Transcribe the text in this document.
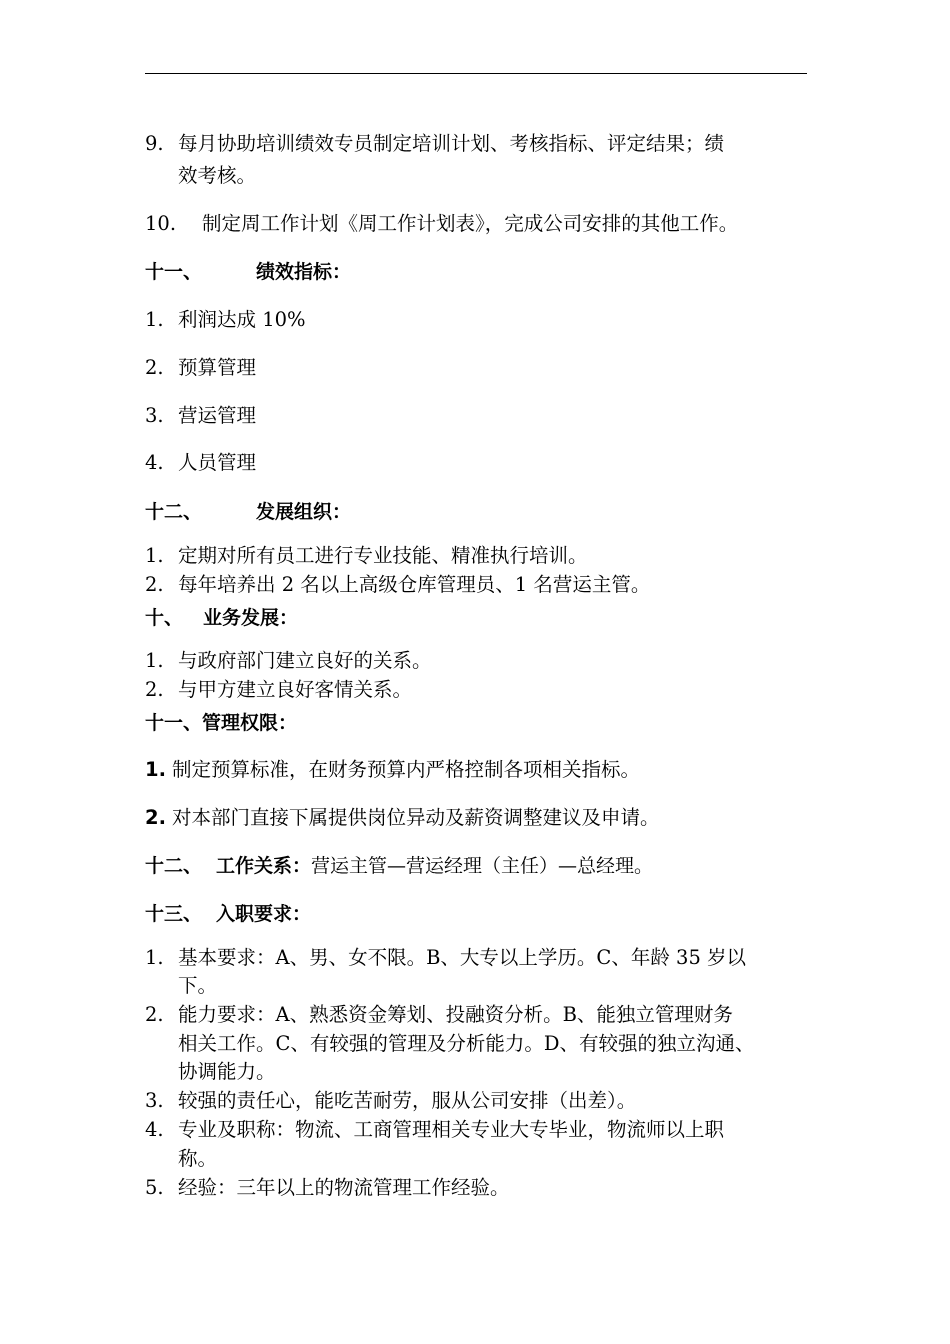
9. 每月协助培训绩效专员制定培训计划、考核指标、评定结果；绩
效考核。
10. 制定周工作计划《周工作计划表》，完成公司安排的其他工作。
十一、	绩效指标：
1. 利润达成 10%
2. 预算管理
3. 营运管理
4. 人员管理
十二、	发展组织：
1. 定期对所有员工进行专业技能、精准执行培训。
2. 每年培养出 2 名以上高级仓库管理员、1 名营运主管。
十、 业务发展：
1. 与政府部门建立良好的关系。
2. 与甲方建立良好客情关系。
十一、管理权限：
1. 制定预算标准，在财务预算内严格控制各项相关指标。
2. 对本部门直接下属提供岗位异动及薪资调整建议及申请。
十二、 工作关系：营运主管—营运经理（主任）—总经理。
十三、 入职要求：
1. 基本要求：A、男、女不限。B、大专以上学历。C、年龄 35 岁以
下。
2. 能力要求：A、熟悉资金筹划、投融资分析。B、能独立管理财务
相关工作。C、有较强的管理及分析能力。D、有较强的独立沟通、
协调能力。
3. 较强的责任心，能吃苦耐劳，服从公司安排（出差）。
4. 专业及职称：物流、工商管理相关专业大专毕业，物流师以上职
称。
5. 经验：三年以上的物流管理工作经验。
